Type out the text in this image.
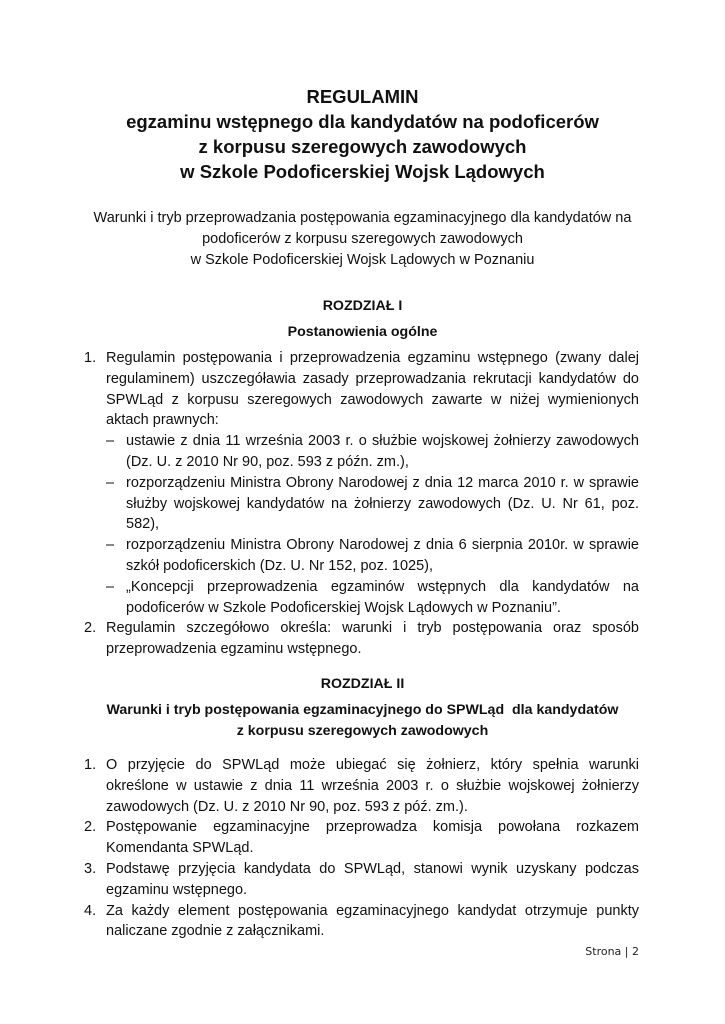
REGULAMIN
egzaminu wstępnego dla kandydatów na podoficerów
z korpusu szeregowych zawodowych
w Szkole Podoficerskiej Wojsk Lądowych
Warunki i tryb przeprowadzania postępowania egzaminacyjnego dla kandydatów na
podoficerów z korpusu szeregowych zawodowych
w Szkole Podoficerskiej Wojsk Lądowych w Poznaniu
ROZDZIAŁ I
Postanowienia ogólne
1. Regulamin postępowania i przeprowadzenia egzaminu wstępnego (zwany dalej regulaminem) uszczegóławia zasady przeprowadzania rekrutacji kandydatów do SPWLąd z korpusu szeregowych zawodowych zawarte w niżej wymienionych aktach prawnych:
– ustawie z dnia 11 września 2003 r. o służbie wojskowej żołnierzy zawodowych (Dz. U. z 2010 Nr 90, poz. 593 z późn. zm.),
– rozporządzeniu Ministra Obrony Narodowej z dnia 12 marca 2010 r. w sprawie służby wojskowej kandydatów na żołnierzy zawodowych (Dz. U. Nr 61, poz. 582),
– rozporządzeniu Ministra Obrony Narodowej z dnia 6 sierpnia 2010r. w sprawie szkół podoficerskich (Dz. U. Nr 152, poz. 1025),
– „Koncepcji przeprowadzenia egzaminów wstępnych dla kandydatów na podoficerów w Szkole Podoficerskiej Wojsk Lądowych w Poznaniu”.
2. Regulamin szczegółowo określa: warunki i tryb postępowania oraz sposób przeprowadzenia egzaminu wstępnego.
ROZDZIAŁ II
Warunki i tryb postępowania egzaminacyjnego do SPWLąd  dla kandydatów
z korpusu szeregowych zawodowych
1. O przyjęcie do SPWLąd może ubiegać się żołnierz, który spełnia warunki określone w ustawie z dnia 11 września 2003 r. o służbie wojskowej żołnierzy zawodowych (Dz. U. z 2010 Nr 90, poz. 593 z póź. zm.).
2. Postępowanie egzaminacyjne przeprowadza komisja powołana rozkazem Komendanta SPWLąd.
3. Podstawę przyjęcia kandydata do SPWLąd, stanowi wynik uzyskany podczas egzaminu wstępnego.
4. Za każdy element postępowania egzaminacyjnego kandydat otrzymuje punkty naliczane zgodnie z załącznikami.
Strona | 2
